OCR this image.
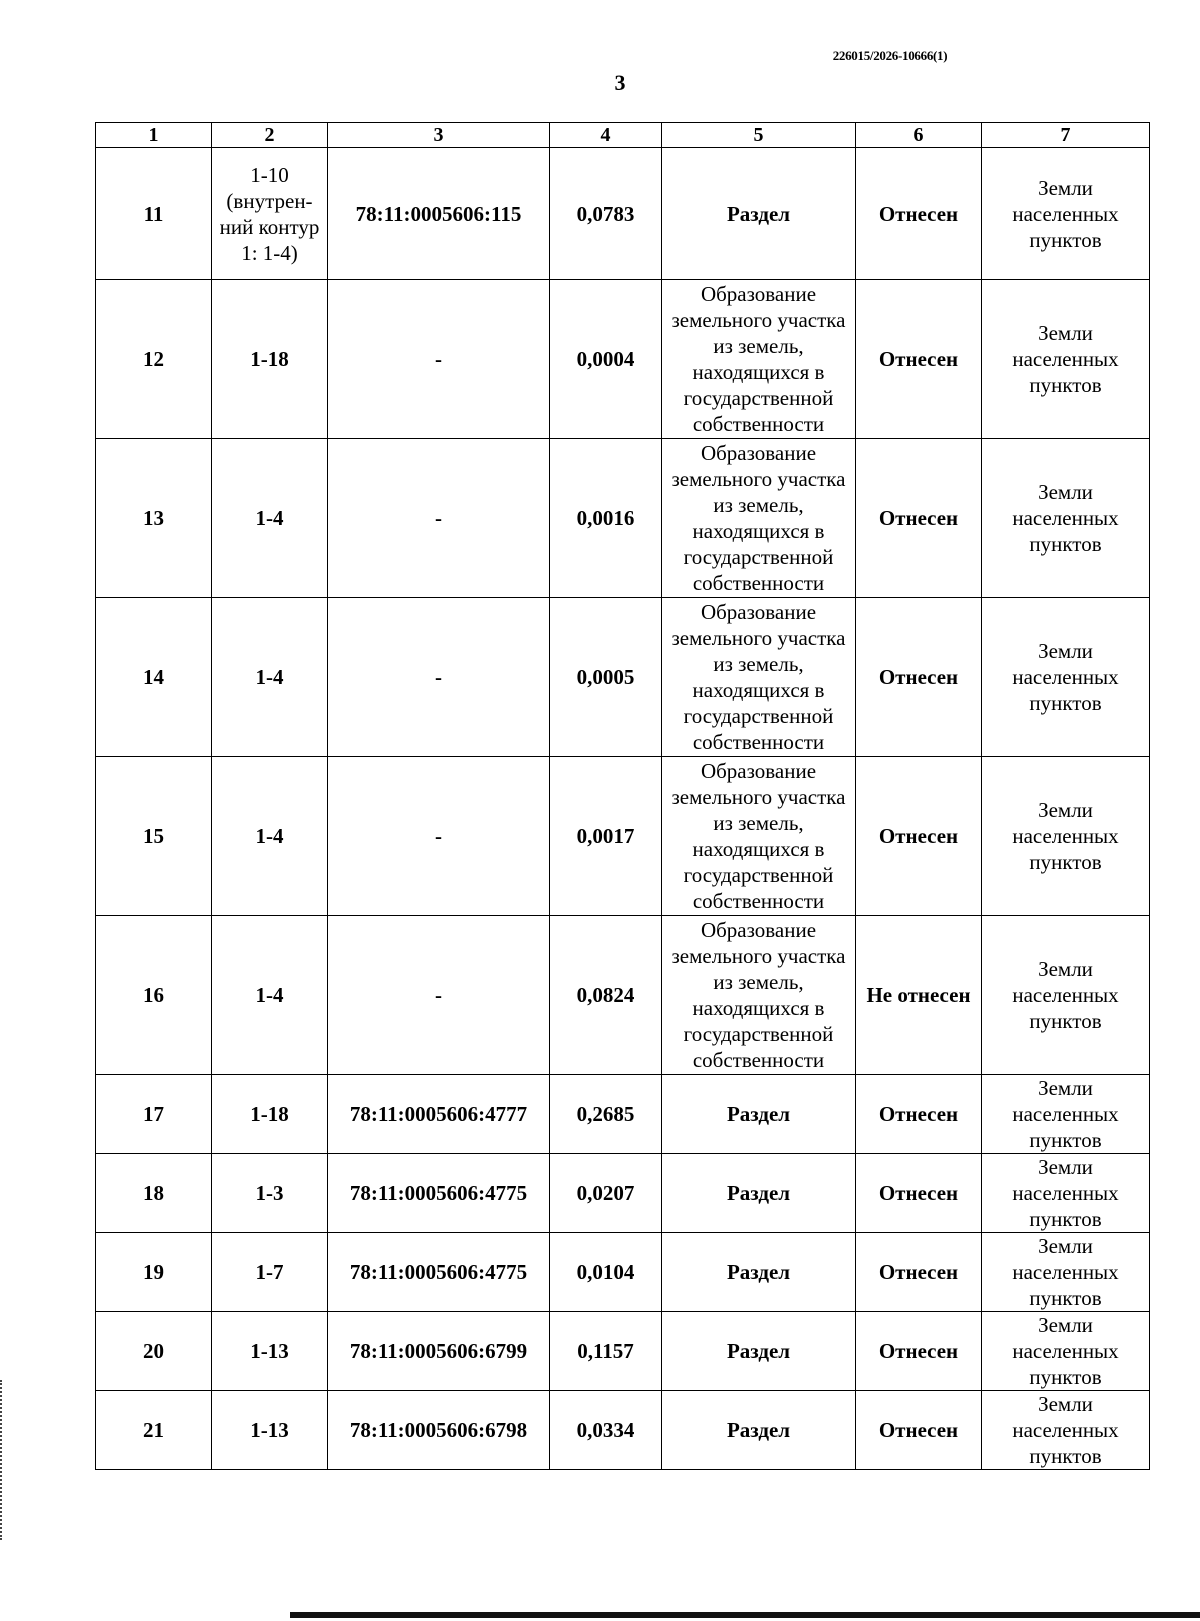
226015/2026-10666(1)
3
1	2	3	4	5	6	7
11	1-10 (внутрен-ний контур 1: 1-4)	78:11:0005606:115	0,0783	Раздел	Отнесен	Земли населенных пунктов
12	1-18	-	0,0004	Образование земельного участка из земель, находящихся в государственной собственности	Отнесен	Земли населенных пунктов
13	1-4	-	0,0016	Образование земельного участка из земель, находящихся в государственной собственности	Отнесен	Земли населенных пунктов
14	1-4	-	0,0005	Образование земельного участка из земель, находящихся в государственной собственности	Отнесен	Земли населенных пунктов
15	1-4	-	0,0017	Образование земельного участка из земель, находящихся в государственной собственности	Отнесен	Земли населенных пунктов
16	1-4	-	0,0824	Образование земельного участка из земель, находящихся в государственной собственности	Не отнесен	Земли населенных пунктов
17	1-18	78:11:0005606:4777	0,2685	Раздел	Отнесен	Земли населенных пунктов
18	1-3	78:11:0005606:4775	0,0207	Раздел	Отнесен	Земли населенных пунктов
19	1-7	78:11:0005606:4775	0,0104	Раздел	Отнесен	Земли населенных пунктов
20	1-13	78:11:0005606:6799	0,1157	Раздел	Отнесен	Земли населенных пунктов
21	1-13	78:11:0005606:6798	0,0334	Раздел	Отнесен	Земли населенных пунктов
